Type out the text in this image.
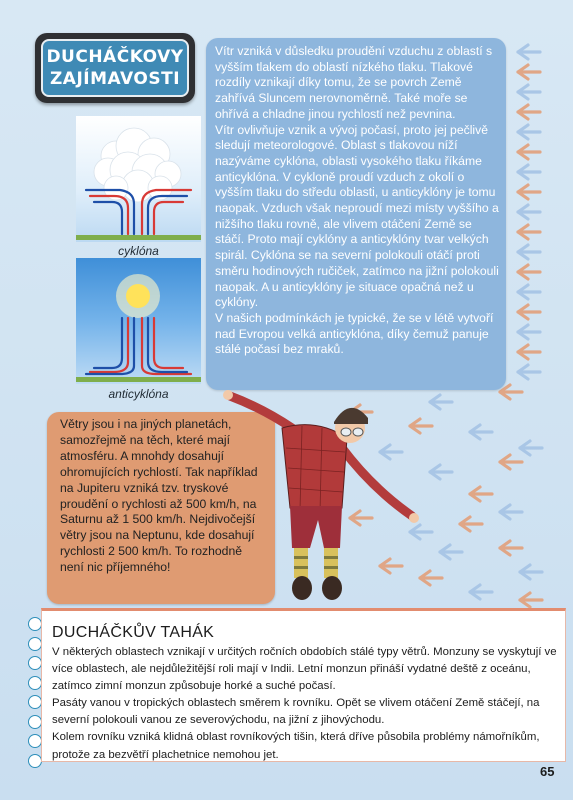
DUCHÁČKOVY
ZAJÍMAVOSTI
cyklóna
anticyklóna

Vítr vzniká v důsledku proudění vzduchu z oblastí s vyšším tlakem do oblastí nízkého tlaku. Tlakové rozdíly vznikají díky tomu, že se povrch Země zahřívá Sluncem nerovnoměrně. Také moře se ohřívá a chladne jinou rychlostí než pevnina.

Vítr ovlivňuje vznik a vývoj počasí, proto jej pečlivě sledují meteorologové. Oblast s tlakovou níží nazýváme cyklóna, oblasti vysokého tlaku říkáme anticyklóna. V cykloně proudí vzduch z okolí o vyšším tlaku do středu oblasti, u anticyklóny je tomu naopak. Vzduch však neproudí mezi místy vyššího a nižšího tlaku rovně, ale vlivem otáčení Země se stáčí. Proto mají cyklóny a anticyklóny tvar velkých spirál. Cyklóna se na severní polokouli otáčí proti směru hodinových ručiček, zatímco na jižní polokouli naopak. A u anticyklóny je situace opačná než u cyklóny.

V našich podmínkách je typické, že se v létě vytvoří nad Evropou velká anticyklóna, díky čemuž panuje stálé počasí bez mraků.

Větry jsou i na jiných planetách, samozřejmě na těch, které mají atmosféru. A mnohdy dosahují ohromujících rychlostí. Tak například na Jupiteru vzniká tzv. tryskové proudění o rychlosti až 500 km/h, na Saturnu až 1 500 km/h. Nejdivočejší větry jsou na Neptunu, kde dosahují rychlosti 2 500 km/h. To rozhodně není nic příjemného!
DUCHÁČKŮV TAHÁK

V některých oblastech vznikají v určitých ročních obdobích stálé typy větrů. Monzuny se vyskytují ve více oblastech, ale nejdůležitější roli mají v Indii. Letní monzun přináší vydatné deště z oceánu, zatímco zimní monzun způsobuje horké a suché počasí.

Pasáty vanou v tropických oblastech směrem k rovníku. Opět se vlivem otáčení Země stáčejí, na severní polokouli vanou ze severovýchodu, na jižní z jihovýchodu.

Kolem rovníku vzniká klidná oblast rovníkových tišin, která dříve působila problémy námořníkům, protože za bezvětří plachetnice nemohou jet.

65
